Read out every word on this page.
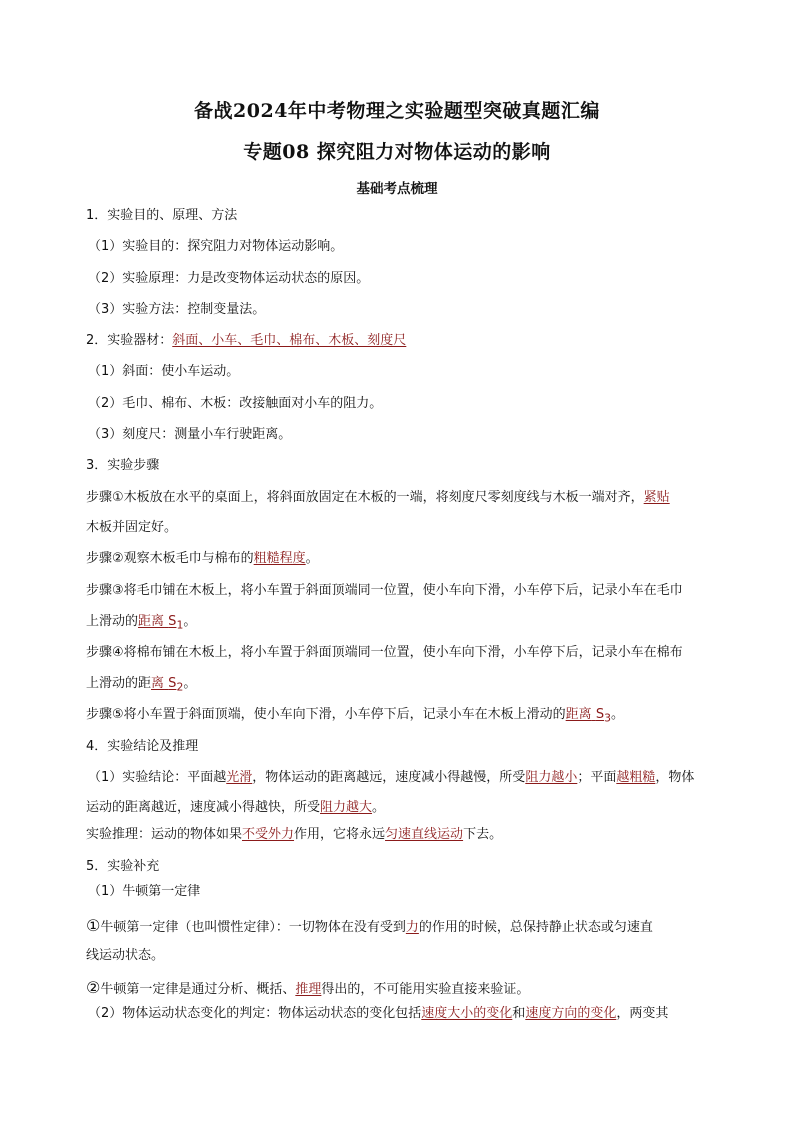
备战2024年中考物理之实验题型突破真题汇编
专题08 探究阻力对物体运动的影响
基础考点梳理
1．实验目的、原理、方法
（1）实验目的：探究阻力对物体运动影响。
（2）实验原理：力是改变物体运动状态的原因。
（3）实验方法：控制变量法。
2．实验器材：斜面、小车、毛巾、棉布、木板、刻度尺
（1）斜面：使小车运动。
（2）毛巾、棉布、木板：改接触面对小车的阻力。
（3）刻度尺：测量小车行驶距离。
3．实验步骤
步骤①木板放在水平的桌面上，将斜面放固定在木板的一端，将刻度尺零刻度线与木板一端对齐，紧贴
木板并固定好。
步骤②观察木板毛巾与棉布的粗糙程度。
步骤③将毛巾铺在木板上，将小车置于斜面顶端同一位置，使小车向下滑，小车停下后，记录小车在毛巾
上滑动的距离 $S_1$。
步骤④将棉布铺在木板上，将小车置于斜面顶端同一位置，使小车向下滑，小车停下后，记录小车在棉布
上滑动的距离 $S_2$。
步骤⑤将小车置于斜面顶端，使小车向下滑，小车停下后，记录小车在木板上滑动的距离 $S_3$。
4．实验结论及推理
（1）实验结论：平面越光滑，物体运动的距离越远，速度减小得越慢，所受阻力越小；平面越粗糙，物体
运动的距离越近，速度减小得越快，所受阻力越大。
实验推理：运动的物体如果不受外力作用，它将永远匀速直线运动下去。
5．实验补充
（1）牛顿第一定律
①牛顿第一定律（也叫惯性定律）：一切物体在没有受到力的作用的时候，总保持静止状态或匀速直
线运动状态。
②牛顿第一定律是通过分析、概括、推理得出的，不可能用实验直接来验证。
（2）物体运动状态变化的判定：物体运动状态的变化包括速度大小的变化和速度方向的变化，两变其
